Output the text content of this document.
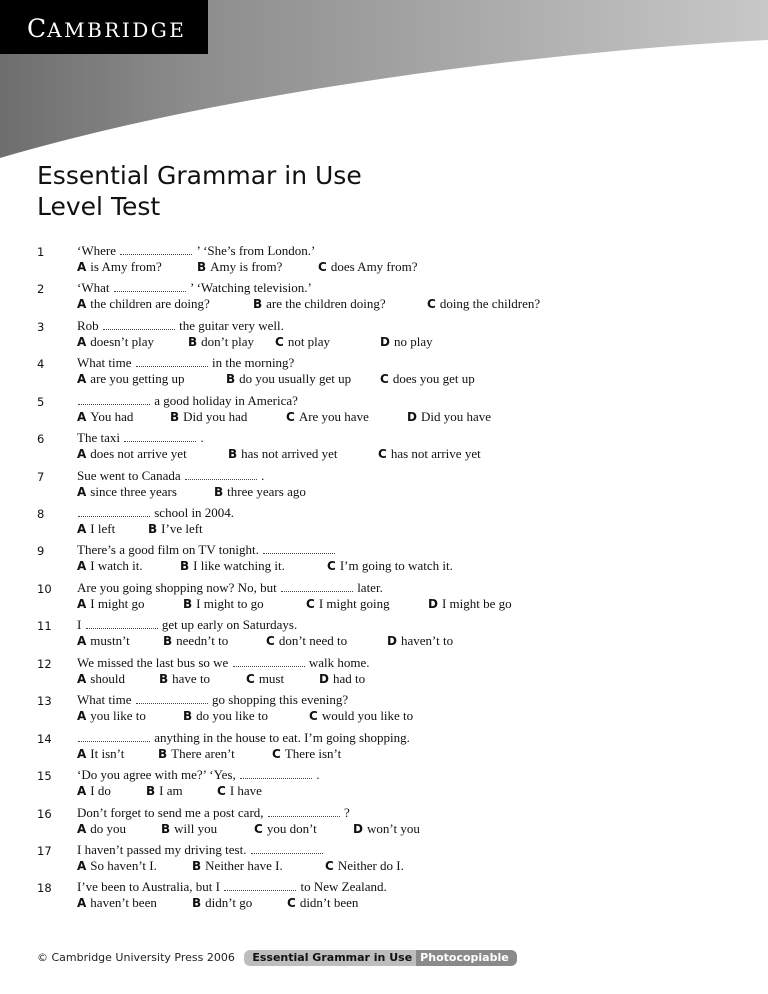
CAMBRIDGE
Essential Grammar in Use
Level Test
1	‘Where	’ ‘She’s from London.’
A is Amy from?	B Amy is from?	C does Amy from?
2	‘What	’ ‘Watching television.’
A the children are doing?	B are the children doing?	C doing the children?
3	Rob	the guitar very well.
A doesn’t play	B don’t play C not play	D no play
4	What time	in the morning?
A are you getting up	B do you usually get up C does you get up
5	a good holiday in America?
A You had	B Did you had	C Are you have	D Did you have
6	The taxi	.
A does not arrive yet	B has not arrived yet	C has not arrive yet
7	Sue went to Canada	.
A since three years	B three years ago
8	school in 2004.
A I left	B I’ve left
9	There’s a good film on TV tonight.
A I watch it.	B I like watching it.	C I’m going to watch it.
10 Are you going shopping now? No, but	later.
A I might go	B I might to go	C I might going	D I might be go
11 I	get up early on Saturdays.
A mustn’t	B needn’t to	C don’t need to	D haven’t to
12 We missed the last bus so we	walk home.
A should	B have to	C must	D had to
13 What time	go shopping this evening?
A you like to	B do you like to	C would you like to
14	anything in the house to eat. I’m going shopping.
A It isn’t	B There aren’t	C There isn’t
15 ‘Do you agree with me?’ ‘Yes,	.
A I do	B I am	C I have
16 Don’t forget to send me a post card,	?
A do you	B will you	C you don’t	D won’t you
17 I haven’t passed my driving test.
A So haven’t I.	B Neither have I.	C Neither do I.
18 I’ve been to Australia, but I	to New Zealand.
A haven’t been	B didn’t go	C didn’t been
© Cambridge University Press 2006 Essential Grammar in Use Photocopiable
